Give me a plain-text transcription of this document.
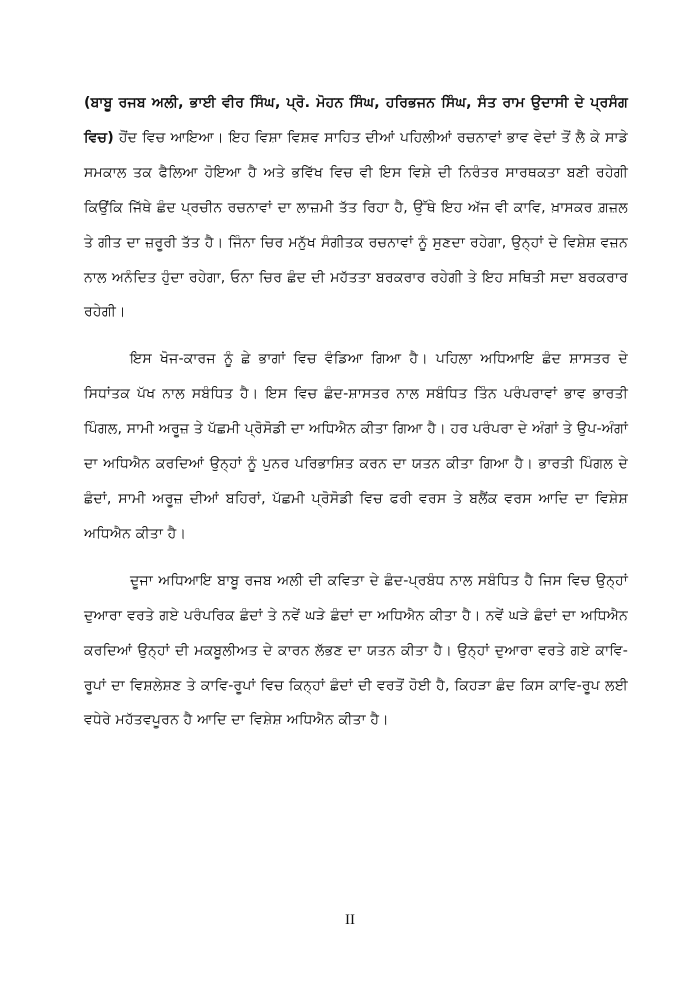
(ਬਾਬੂ ਰਜਬ ਅਲੀ, ਭਾਈ ਵੀਰ ਸਿੰਘ, ਪ੍ਰੋ. ਮੋਹਨ ਸਿੰਘ, ਹਰਿਭਜਨ ਸਿੰਘ, ਸੰਤ ਰਾਮ ਉਦਾਸੀ ਦੇ ਪ੍ਰਸੰਗ ਵਿਚ) ਹੋਂਦ ਵਿਚ ਆਇਆ। ਇਹ ਵਿਸ਼ਾ ਵਿਸ਼ਵ ਸਾਹਿਤ ਦੀਆਂ ਪਹਿਲੀਆਂ ਰਚਨਾਵਾਂ ਭਾਵ ਵੇਦਾਂ ਤੋਂ ਲੈ ਕੇ ਸਾਡੇ ਸਮਕਾਲ ਤਕ ਫੈਲਿਆ ਹੋਇਆ ਹੈ ਅਤੇ ਭਵਿੱਖ ਵਿਚ ਵੀ ਇਸ ਵਿਸ਼ੇ ਦੀ ਨਿਰੰਤਰ ਸਾਰਥਕਤਾ ਬਣੀ ਰਹੇਗੀ ਕਿਉਂਕਿ ਜਿੱਥੇ ਛੰਦ ਪ੍ਰਚੀਨ ਰਚਨਾਵਾਂ ਦਾ ਲਾਜ਼ਮੀ ਤੱਤ ਰਿਹਾ ਹੈ, ਉੱਥੇ ਇਹ ਅੱਜ ਵੀ ਕਾਵਿ, ਖ਼ਾਸਕਰ ਗ਼ਜ਼ਲ ਤੇ ਗੀਤ ਦਾ ਜ਼ਰੂਰੀ ਤੱਤ ਹੈ। ਜਿੰਨਾ ਚਿਰ ਮਨੁੱਖ ਸੰਗੀਤਕ ਰਚਨਾਵਾਂ ਨੂੰ ਸੁਣਦਾ ਰਹੇਗਾ, ਉਨ੍ਹਾਂ ਦੇ ਵਿਸ਼ੇਸ਼ ਵਜ਼ਨ ਨਾਲ ਅਨੰਦਿਤ ਹੁੰਦਾ ਰਹੇਗਾ, ਓਨਾ ਚਿਰ ਛੰਦ ਦੀ ਮਹੱਤਤਾ ਬਰਕਰਾਰ ਰਹੇਗੀ ਤੇ ਇਹ ਸਥਿਤੀ ਸਦਾ ਬਰਕਰਾਰ ਰਹੇਗੀ।

ਇਸ ਖੋਜ-ਕਾਰਜ ਨੂੰ ਛੇ ਭਾਗਾਂ ਵਿਚ ਵੰਡਿਆ ਗਿਆ ਹੈ। ਪਹਿਲਾ ਅਧਿਆਇ ਛੰਦ ਸ਼ਾਸਤਰ ਦੇ ਸਿਧਾਂਤਕ ਪੱਖ ਨਾਲ ਸਬੰਧਿਤ ਹੈ। ਇਸ ਵਿਚ ਛੰਦ-ਸ਼ਾਸਤਰ ਨਾਲ ਸਬੰਧਿਤ ਤਿੰਨ ਪਰੰਪਰਾਵਾਂ ਭਾਵ ਭਾਰਤੀ ਪਿੰਗਲ, ਸਾਮੀ ਅਰੂਜ਼ ਤੇ ਪੱਛਮੀ ਪ੍ਰੋਸੋਡੀ ਦਾ ਅਧਿਐਨ ਕੀਤਾ ਗਿਆ ਹੈ। ਹਰ ਪਰੰਪਰਾ ਦੇ ਅੰਗਾਂ ਤੇ ਉਪ-ਅੰਗਾਂ ਦਾ ਅਧਿਐਨ ਕਰਦਿਆਂ ਉਨ੍ਹਾਂ ਨੂੰ ਪੁਨਰ ਪਰਿਭਾਸ਼ਿਤ ਕਰਨ ਦਾ ਯਤਨ ਕੀਤਾ ਗਿਆ ਹੈ। ਭਾਰਤੀ ਪਿੰਗਲ ਦੇ ਛੰਦਾਂ, ਸਾਮੀ ਅਰੂਜ਼ ਦੀਆਂ ਬਹਿਰਾਂ, ਪੱਛਮੀ ਪ੍ਰੋਸੋਡੀ ਵਿਚ ਫਰੀ ਵਰਸ ਤੇ ਬਲੈਂਕ ਵਰਸ ਆਦਿ ਦਾ ਵਿਸ਼ੇਸ਼ ਅਧਿਐਨ ਕੀਤਾ ਹੈ।

ਦੂਜਾ ਅਧਿਆਇ ਬਾਬੂ ਰਜਬ ਅਲੀ ਦੀ ਕਵਿਤਾ ਦੇ ਛੰਦ-ਪ੍ਰਬੰਧ ਨਾਲ ਸਬੰਧਿਤ ਹੈ ਜਿਸ ਵਿਚ ਉਨ੍ਹਾਂ ਦੁਆਰਾ ਵਰਤੇ ਗਏ ਪਰੰਪਰਿਕ ਛੰਦਾਂ ਤੇ ਨਵੇਂ ਘੜੇ ਛੰਦਾਂ ਦਾ ਅਧਿਐਨ ਕੀਤਾ ਹੈ। ਨਵੇਂ ਘੜੇ ਛੰਦਾਂ ਦਾ ਅਧਿਐਨ ਕਰਦਿਆਂ ਉਨ੍ਹਾਂ ਦੀ ਮਕਬੂਲੀਅਤ ਦੇ ਕਾਰਨ ਲੱਭਣ ਦਾ ਯਤਨ ਕੀਤਾ ਹੈ। ਉਨ੍ਹਾਂ ਦੁਆਰਾ ਵਰਤੇ ਗਏ ਕਾਵਿ-ਰੂਪਾਂ ਦਾ ਵਿਸ਼ਲੇਸ਼ਣ ਤੇ ਕਾਵਿ-ਰੂਪਾਂ ਵਿਚ ਕਿਨ੍ਹਾਂ ਛੰਦਾਂ ਦੀ ਵਰਤੋਂ ਹੋਈ ਹੈ, ਕਿਹੜਾ ਛੰਦ ਕਿਸ ਕਾਵਿ-ਰੂਪ ਲਈ ਵਧੇਰੇ ਮਹੱਤਵਪੂਰਨ ਹੈ ਆਦਿ ਦਾ ਵਿਸ਼ੇਸ਼ ਅਧਿਐਨ ਕੀਤਾ ਹੈ।

II
